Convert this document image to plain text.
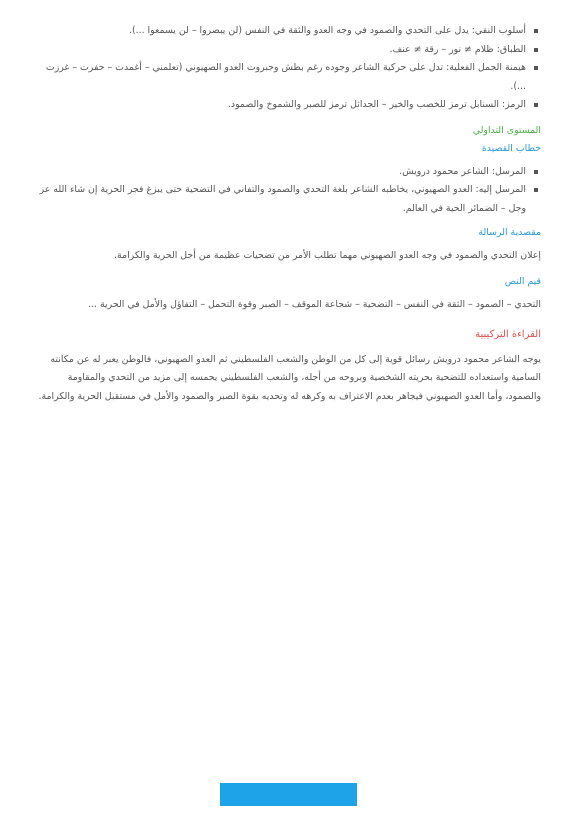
أسلوب النفي: يدل على التحدي والصمود في وجه العدو والثقة في النفس (لن يبصروا – لن يسمعوا ...).
الطباق: ظلام ≠ نور – رقة ≠ عنف.
هيمنة الجمل الفعلية: تدل على حركية الشاعر وجوده رغم بطش وجبروت العدو الصهيوني (تعلمني – أغمدت – حفرت – غرزت ...).
الرمز: السنابل ترمز للخصب والخير – الجداثل ترمز للصبر والشموخ والصمود.
المستوى التداولي
خطاب القصيدة
المرسل: الشاعر محمود درويش.
المرسل إليه: العدو الصهيوني، يخاطبه الشاعر بلغة التحدي والصمود والتفاني في التضحية حتى يبزغ فجر الحرية إن شاء الله عز وجل – الضمائر الحية في العالم.
مقصدية الرسالة

إعلان التحدي والصمود في وجه العدو الصهيوني مهما تطلب الأمر من تضحيات عظيمة من أجل الحرية والكرامة.

قيم النص

التحدي – الصمود – الثقة في النفس – التضحية – شجاعة الموقف – الصبر وقوة التحمل – التفاؤل والأمل في الحرية ...

القراءة التركيبية

يوجه الشاعر محمود درويش رسائل قوية إلى كل من الوطن والشعب الفلسطيني ثم العدو الصهيوني، فالوطن يعبر له عن مكانته السامية واستعداده للتضحية بحريته الشخصية وبروحه من أجله، والشعب الفلسطيني يحمسه إلى مزيد من التحدي والمقاومة والصمود، وأما العدو الصهيوني فيجاهر بعدم الاعتراف به وكرهه له وتحديه بقوة الصبر والصمود والأمل في مستقبل الحرية والكرامة.
